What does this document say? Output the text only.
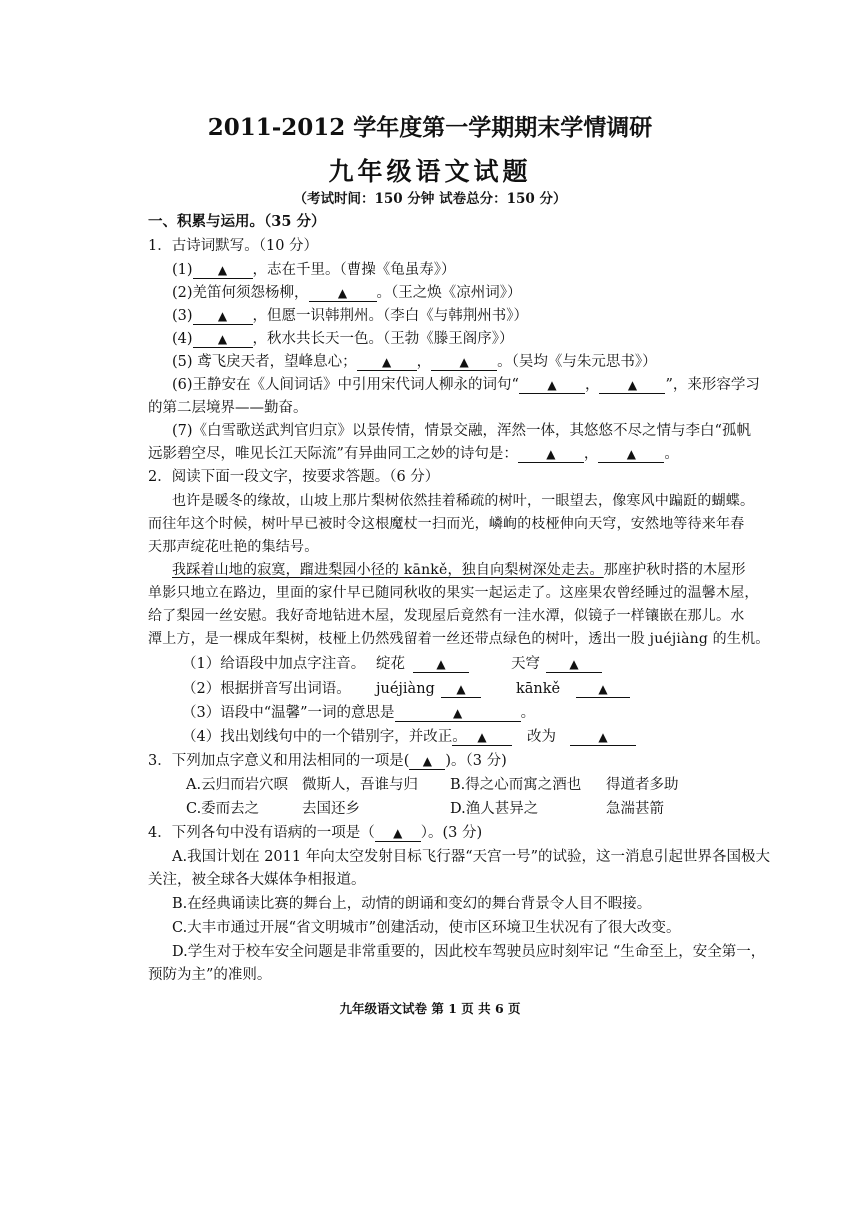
2011-2012 学年度第一学期期末学情调研
九年级语文试题
（考试时间：150 分钟 试卷总分：150 分）
一、积累与运用。（35 分）
1．古诗词默写。（10 分）
(1) ▲ ，志在千里。（曹操《龟虽寿》）
(2)羌笛何须怨杨柳， ▲ 。（王之焕《凉州词》）
(3) ▲ ，但愿一识韩荆州。（李白《与韩荆州书》）
(4) ▲ ，秋水共长天一色。（王勃《滕王阁序》）
(5) 鸢飞戾天者，望峰息心； ▲ ， ▲ 。（吴均《与朱元思书》）
(6)王静安在《人间词话》中引用宋代词人柳永的词句“ ▲ ， ▲ ”，来形容学习
的第二层境界——勤奋。
(7)《白雪歌送武判官归京》以景传情，情景交融，浑然一体，其悠悠不尽之情与李白“孤帆
远影碧空尽，唯见长江天际流”有异曲同工之妙的诗句是： ▲ ， ▲ 。
2．阅读下面一段文字，按要求答题。（6 分）
也许是暖冬的缘故，山坡上那片梨树依然挂着稀疏的树叶，一眼望去，像寒风中蹁跹的蝴蝶。
而往年这个时候，树叶早已被时令这根魔杖一扫而光，嶙峋的枝桠伸向天穹，安然地等待来年春
天那声绽花吐艳的集结号。
我踩着山地的寂寞，蹓进梨园小径的 kānkě，独自向梨树深处走去。那座护秋时搭的木屋形
单影只地立在路边，里面的家什早已随同秋收的果实一起运走了。这座果农曾经睡过的温馨木屋，
给了梨园一丝安慰。我好奇地钻进木屋，发现屋后竟然有一洼水潭，似镜子一样镶嵌在那儿。水
潭上方，是一棵成年梨树，枝桠上仍然残留着一丝还带点绿色的树叶，透出一股 juéjiàng 的生机。
（1）给语段中加点字注音。 绽花	▲	天穹	▲
（2）根据拼音写出词语。 juéjiàng	▲	kānkě	▲
（3）语段中“温馨”一词的意思是	▲	。
（4）找出划线句中的一个错别字，并改正。 ▲	改为	▲
3．下列加点字意义和用法相同的一项是( ▲ )。（3 分)
A.云归而岩穴暝 微斯人，吾谁与归 B.得之心而寓之酒也 得道者多助
C.委而去之	去国还乡	D.渔人甚异之	急湍甚箭
4．下列各句中没有语病的一项是（ ▲ ）。(3 分)
A.我国计划在 2011 年向太空发射目标飞行器“天宫一号”的试验，这一消息引起世界各国极大
关注，被全球各大媒体争相报道。
B.在经典诵读比赛的舞台上，动情的朗诵和变幻的舞台背景令人目不暇接。
C.大丰市通过开展“省文明城市”创建活动，使市区环境卫生状况有了很大改变。
D.学生对于校车安全问题是非常重要的，因此校车驾驶员应时刻牢记 “生命至上，安全第一，
预防为主”的准则。
九年级语文试卷 第 1 页 共 6 页
